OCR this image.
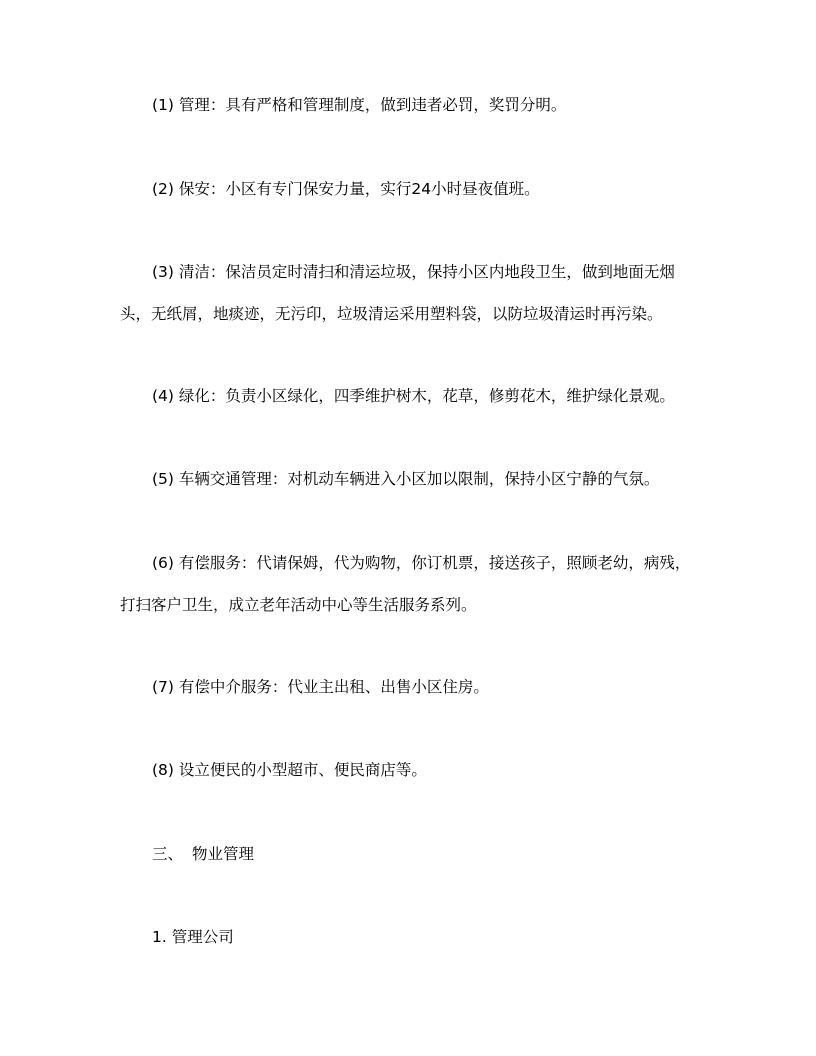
(1) 管理：具有严格和管理制度，做到违者必罚，奖罚分明。
(2) 保安：小区有专门保安力量，实行24小时昼夜值班。
(3) 清洁：保洁员定时清扫和清运垃圾，保持小区内地段卫生，做到地面无烟
头，无纸屑，地痰迹，无污印，垃圾清运采用塑料袋，以防垃圾清运时再污染。
(4) 绿化：负责小区绿化，四季维护树木，花草，修剪花木，维护绿化景观。
(5) 车辆交通管理：对机动车辆进入小区加以限制，保持小区宁静的气氛。
(6) 有偿服务：代请保姆，代为购物，你订机票，接送孩子，照顾老幼，病残，
打扫客户卫生，成立老年活动中心等生活服务系列。
(7) 有偿中介服务：代业主出租、出售小区住房。
(8) 设立便民的小型超市、便民商店等。
三、 物业管理
1. 管理公司
